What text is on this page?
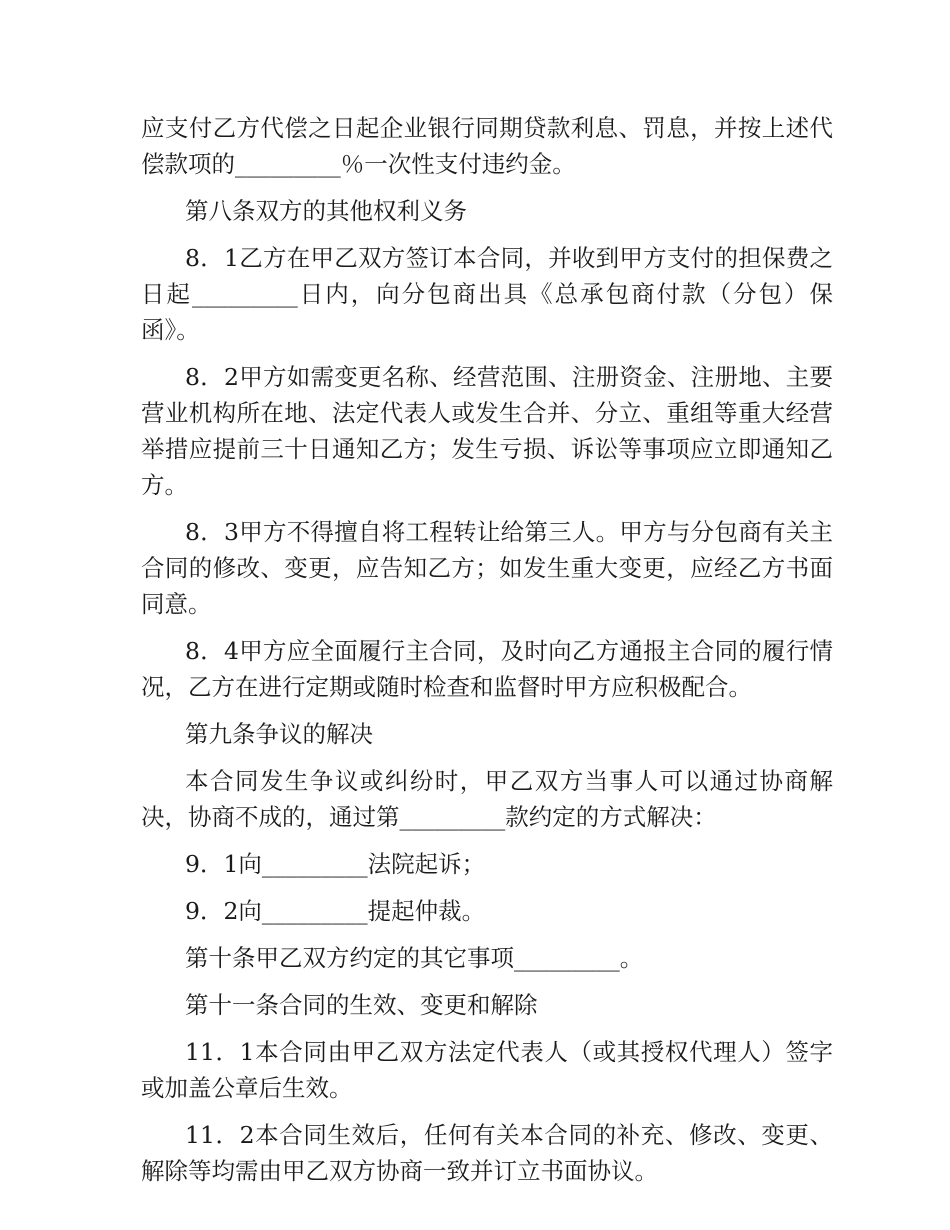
应支付乙方代偿之日起企业银行同期贷款利息、罚息，并按上述代偿款项的_________％一次性支付违约金。

第八条双方的其他权利义务

8．1乙方在甲乙双方签订本合同，并收到甲方支付的担保费之日起_________日内，向分包商出具《总承包商付款（分包）保函》。

8．2甲方如需变更名称、经营范围、注册资金、注册地、主要营业机构所在地、法定代表人或发生合并、分立、重组等重大经营举措应提前三十日通知乙方；发生亏损、诉讼等事项应立即通知乙方。

8．3甲方不得擅自将工程转让给第三人。甲方与分包商有关主合同的修改、变更，应告知乙方；如发生重大变更，应经乙方书面同意。

8．4甲方应全面履行主合同，及时向乙方通报主合同的履行情况，乙方在进行定期或随时检查和监督时甲方应积极配合。

第九条争议的解决

本合同发生争议或纠纷时，甲乙双方当事人可以通过协商解决，协商不成的，通过第_________款约定的方式解决：

9．1向_________法院起诉；

9．2向_________提起仲裁。

第十条甲乙双方约定的其它事项_________。

第十一条合同的生效、变更和解除

11．1本合同由甲乙双方法定代表人（或其授权代理人）签字或加盖公章后生效。

11．2本合同生效后，任何有关本合同的补充、修改、变更、解除等均需由甲乙双方协商一致并订立书面协议。
